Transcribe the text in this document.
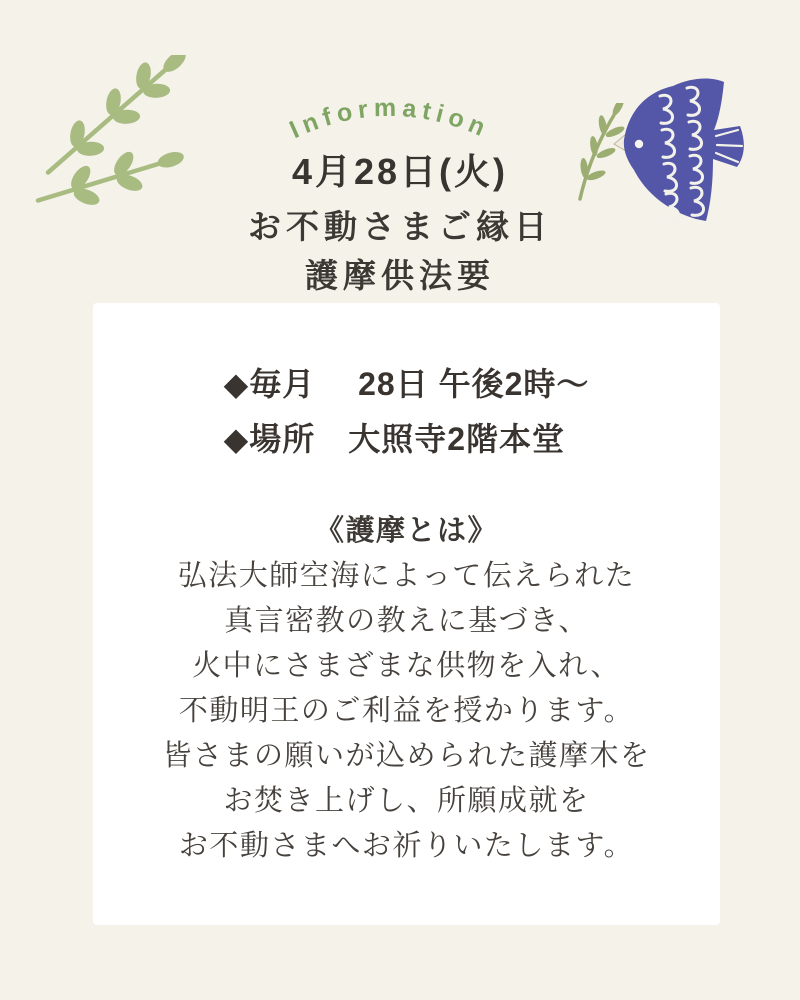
Information
4月28日(火)
お不動さまご縁日
護摩供法要
◆毎月　 28日 午後2時〜
◆場所　大照寺2階本堂
《護摩とは》
弘法大師空海によって伝えられた
真言密教の教えに基づき、
火中にさまざまな供物を入れ、
不動明王のご利益を授かります。
皆さまの願いが込められた護摩木を
お焚き上げし、所願成就を
お不動さまへお祈りいたします。
